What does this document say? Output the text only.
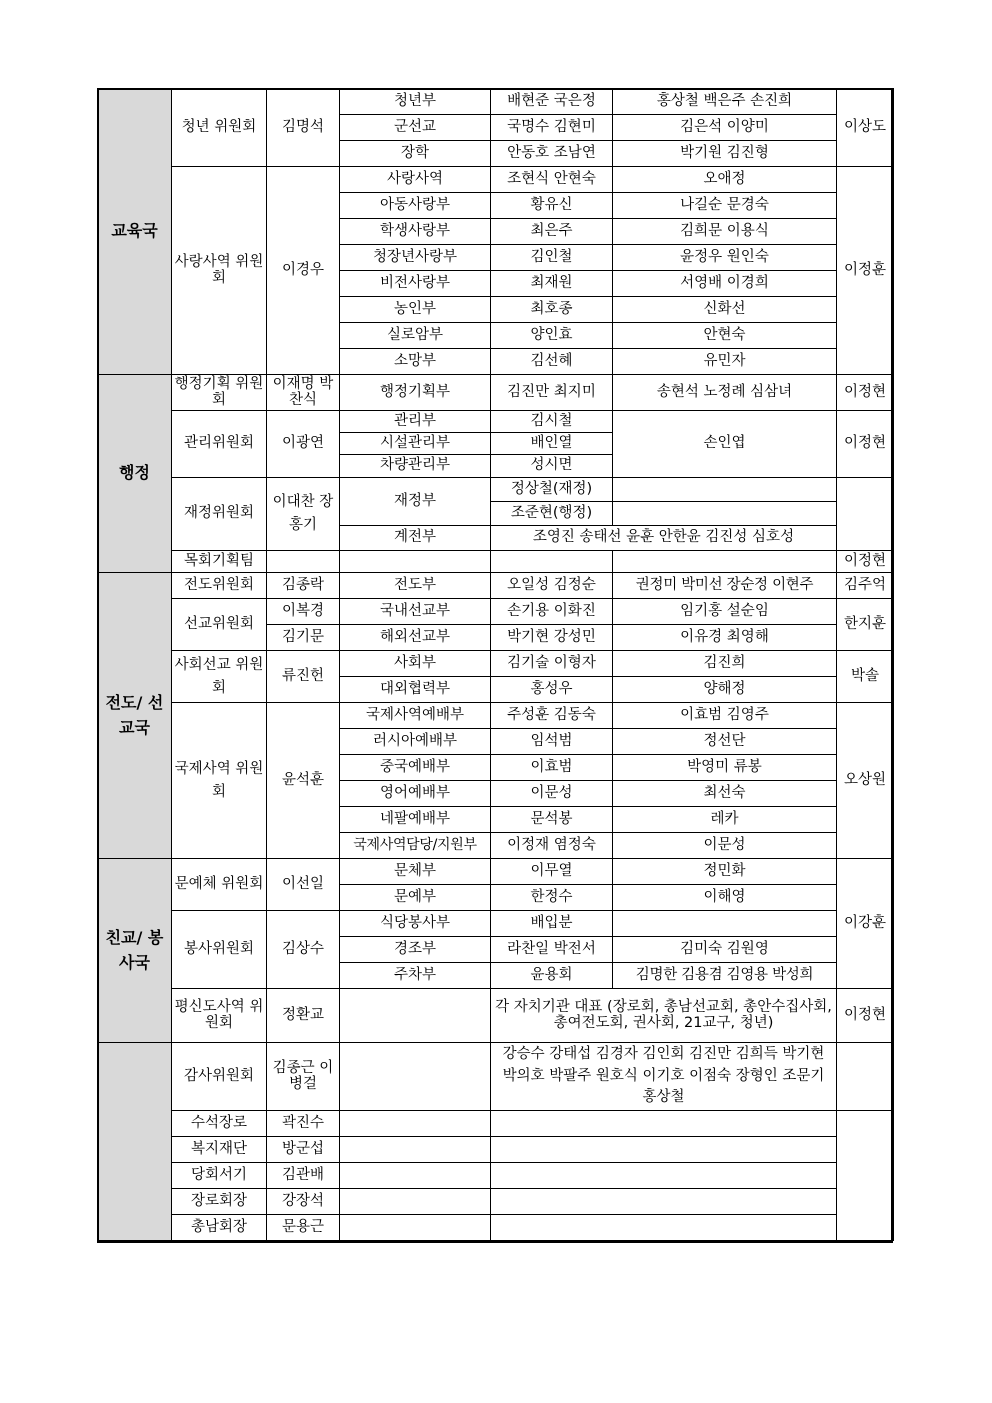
교육국	청년 위원회	김명석	청년부	배현준 국은정	홍상철 백은주 손진희	이상도
			군선교	국명수 김현미	김은석 이양미	
			장학	안동호 조남연	박기원 김진형	
	사랑사역 위원회	이경우	사랑사역	조현식 안현숙	오애정	이정훈
			아동사랑부	황유신	나길순 문경숙	
			학생사랑부	최은주	김희문 이용식	
			청장년사랑부	김인철	윤정우 원인숙	
			비전사랑부	최재원	서영배 이경희	
			농인부	최호종	신화선	
			실로암부	양인효	안현숙	
			소망부	김선혜	유민자	
행정	행정기획 위원회	이재명 박찬식	행정기획부	김진만 최지미	송현석 노정례 심삼녀	이정현
	관리위원회	이광연	관리부	김시철	손인엽	이정현
			시설관리부	배인열		
			차량관리부	성시면		
	재정위원회	이대찬 장홍기	재정부	정상철(재정)		
				조준현(행정)		
			계전부	조영진 송태선 윤훈 안한윤 김진성 심호성		
	목회기획팀					이정현
전도/ 선교국	전도위원회	김종락	전도부	오일성 김정순	권정미 박미선 장순정 이현주	김주억
	선교위원회	이복경	국내선교부	손기용 이화진	임기홍 설순임	한지훈
		김기문	해외선교부	박기현 강성민	이유경 최영해	
	사회선교 위원회	류진헌	사회부	김기술 이형자	김진희	박솔
			대외협력부	홍성우	양해정	
	국제사역 위원회	윤석훈	국제사역예배부	주성훈 김동숙	이효범 김영주	오상원
			러시아예배부	임석범	정선단	
			중국예배부	이효범	박영미 류봉	
			영어예배부	이문성	최선숙	
			네팔예배부	문석봉	레카	
			국제사역담당/지원부	이정재 염정숙	이문성	
친교/ 봉사국	문예체 위원회	이선일	문체부	이무열	정민화	이강훈
			문예부	한정수	이해영	
	봉사위원회	김상수	식당봉사부	배입분		
			경조부	라찬일 박전서	김미숙 김원영	
			주차부	윤용회	김명한 김용겸 김영용 박성희	
	평신도사역 위원회	정환교		각 자치기관 대표 (장로회, 총남선교회, 총안수집사회, 총여전도회, 권사회, 21교구, 청년)		이정현
	감사위원회	김종근 이병걸		강승수 강태섭 김경자 김인회 김진만 김희득 박기현 박의호 박팔주 원호식 이기호 이점숙 장형인 조문기 홍상철		
	수석장로	곽진수				
	복지재단	방군섭				
	당회서기	김관배				
	장로회장	강장석				
	총남회장	문용근				
